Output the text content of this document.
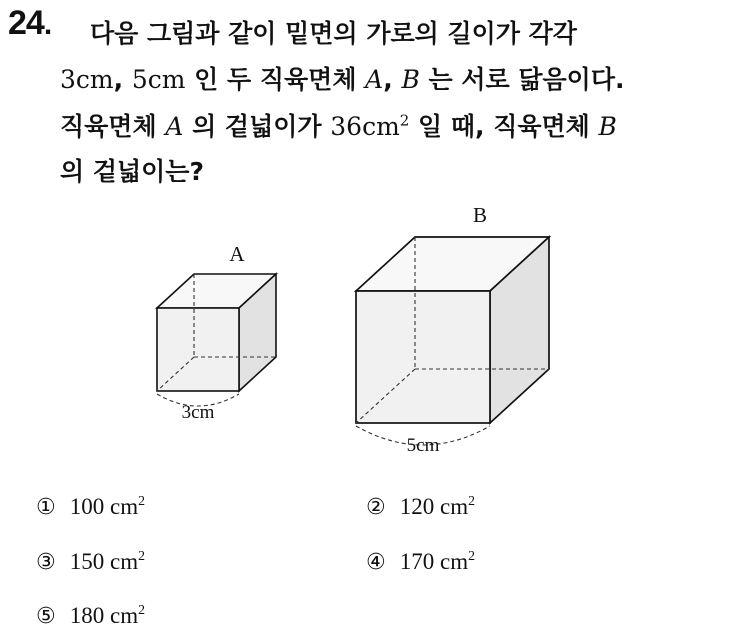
24. 다음 그림과 같이 밑면의 가로의 길이가 각각
3cm, 5cm 인 두 직육면체 A, B 는 서로 닮음이다.
직육면체 A 의 겉넓이가 $36cm^2$ 일 때, 직육면체 B
의 겉넓이는?
A
3cm
B
5cm
① 100 $cm^2$	② 120 $cm^2$
③ 150 $cm^2$	④ 170 $cm^2$
⑤ 180 $cm^2$
